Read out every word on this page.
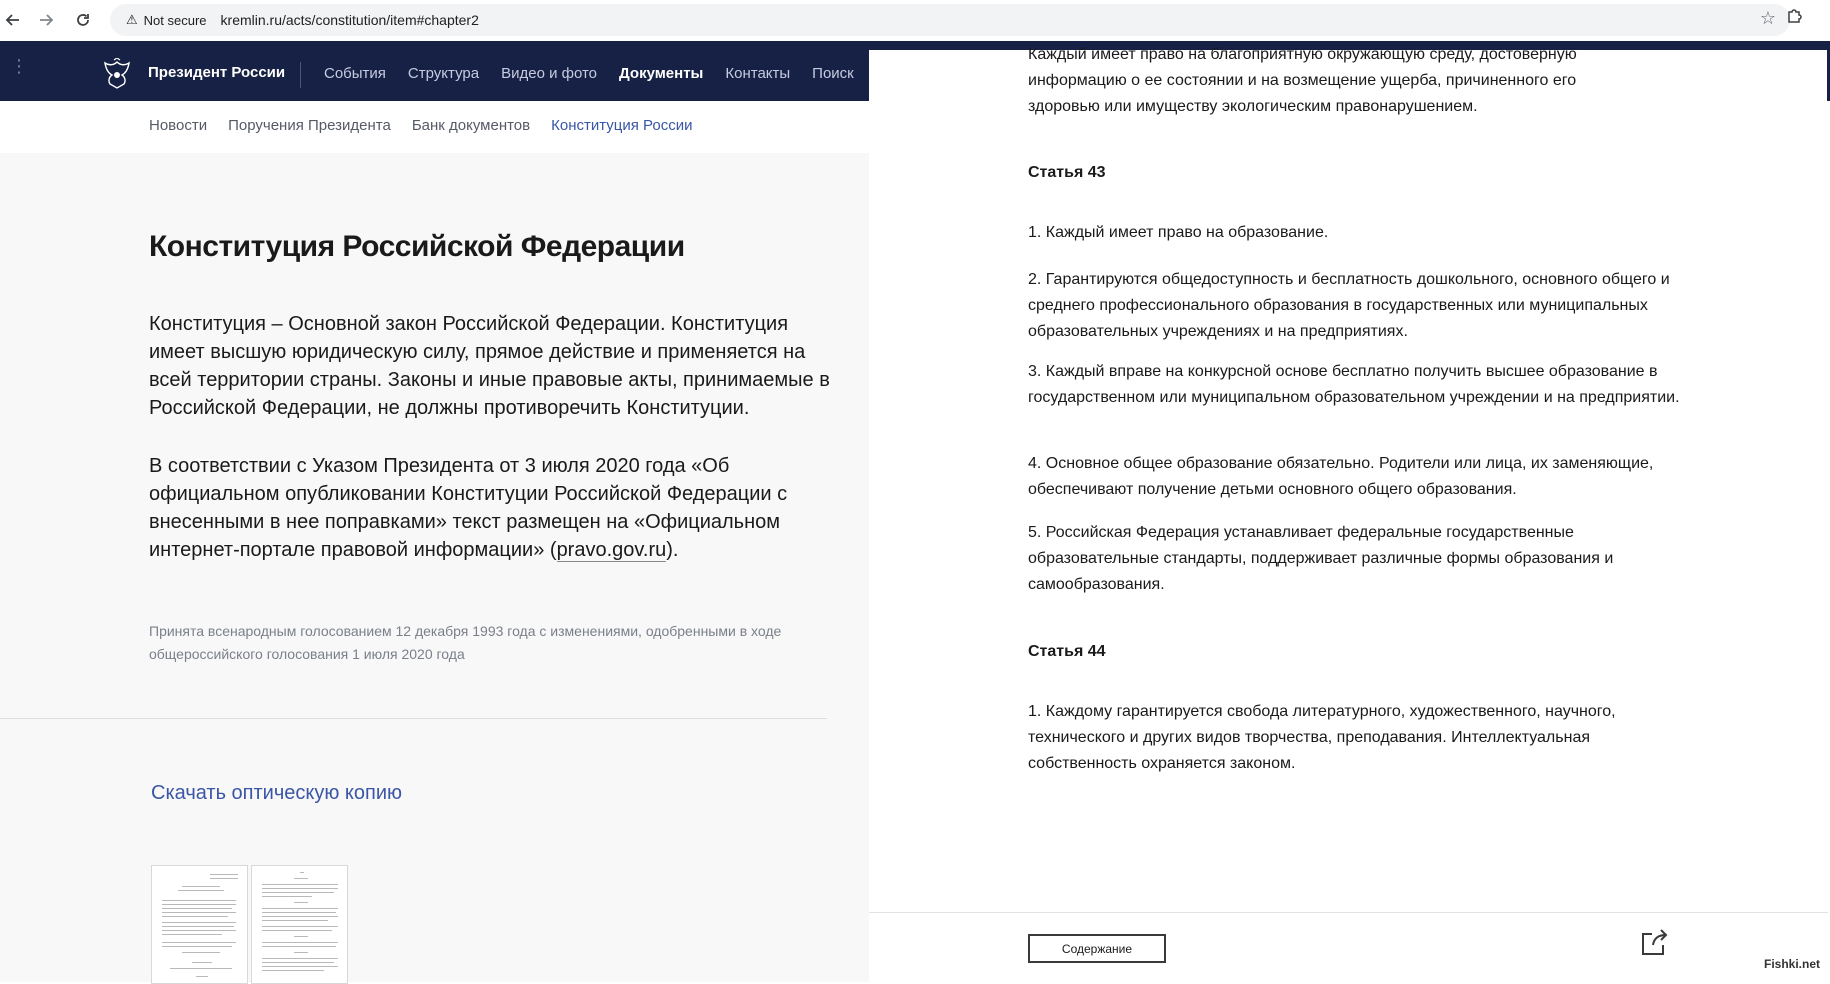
⚠ Not secure kremlin.ru/acts/constitution/item#chapter2	☆
⋮	Президент России	События Структура Видео и фото Документы Контакты Поиск
Новости Поручения Президента Банк документов Конституция России
Конституция Российской Федерации

Конституция – Основной закон Российской Федерации. Конституция имеет высшую юридическую силу, прямое действие и применяется на всей территории страны. Законы и иные правовые акты, принимаемые в Российской Федерации, не должны противоречить Конституции.

В соответствии с Указом Президента от 3 июля 2020 года «Об официальном опубликовании Конституции Российской Федерации с внесенными в нее поправками» текст размещен на «Официальном интернет-портале правовой информации» (pravo.gov.ru).

Принята всенародным голосованием 12 декабря 1993 года с изменениями, одобренными в ходе общероссийского голосования 1 июля 2020 года

Скачать оптическую копию

Каждый имеет право на благоприятную окружающую среду, достоверную

информацию о ее состоянии и на возмещение ущерба, причиненного его здоровью или имуществу экологическим правонарушением.

Статья 43

1. Каждый имеет право на образование.

2. Гарантируются общедоступность и бесплатность дошкольного, основного общего и среднего профессионального образования в государственных или муниципальных образовательных учреждениях и на предприятиях.

3. Каждый вправе на конкурсной основе бесплатно получить высшее образование в государственном или муниципальном образовательном учреждении и на предприятии.

4. Основное общее образование обязательно. Родители или лица, их заменяющие, обеспечивают получение детьми основного общего образования.

5. Российская Федерация устанавливает федеральные государственные образовательные стандарты, поддерживает различные формы образования и самообразования.

Статья 44

1. Каждому гарантируется свобода литературного, художественного, научного, технического и других видов творчества, преподавания. Интеллектуальная собственность охраняется законом.

Содержание
Fishki.net
